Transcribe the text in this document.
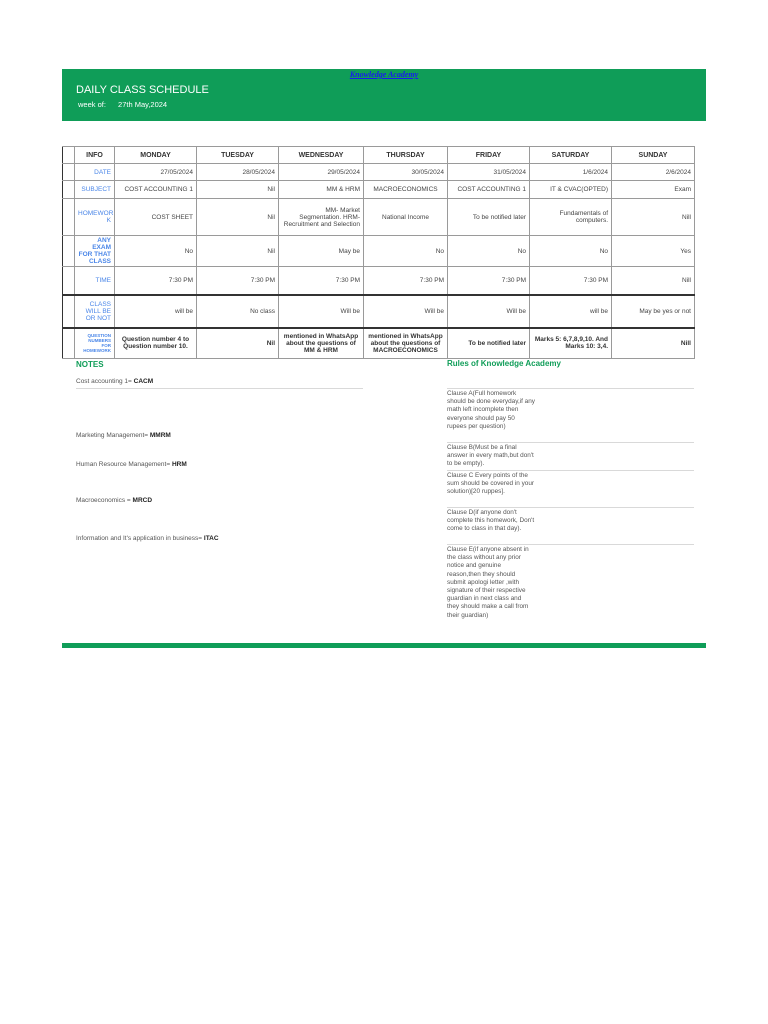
Knowledge Academy
DAILY CLASS SCHEDULE
week of: 27th May,2024
	INFO	MONDAY	TUESDAY	WEDNESDAY	THURSDAY	FRIDAY	SATURDAY	SUNDAY
	DATE	27/05/2024	28/05/2024	29/05/2024	30/05/2024	31/05/2024	1/6/2024	2/6/2024
	SUBJECT	COST ACCOUNTING 1	Nil	MM & HRM	MACROECONOMICS	COST ACCOUNTING 1	IT & CVAC(OPTED)	Exam
	HOMEWOR K	COST SHEET	Nil	MM- Market Segmentation. HRM- Recruitment and Selection	National Income	To be notified later	Fundamentals of computers.	Nill
	ANY EXAM FOR THAT CLASS	No	Nil	May be	No	No	No	Yes
	TIME	7:30 PM	7:30 PM	7:30 PM	7:30 PM	7:30 PM	7:30 PM	Nill
	CLASS WILL BE OR NOT	will be	No class	Will be	Will be	Will be	will be	May be yes or not
	QUESTION NUMBERS FOR HOMEWORK	Question number 4 to Question number 10.	Nil	mentioned in WhatsApp about the questions of MM & HRM	mentioned in WhatsApp about the questions of MACROECONOMICS	To be notified later	Marks 5: 6,7,8,9,10. And Marks 10: 3,4.	Nill
NOTES
Cost accounting 1= CACM
Marketing Management= MMRM
Human Resource Management= HRM
Macroeconomics = MRCD
Information and It's application in business= ITAC
Rules of Knowledge Academy
Clause A(Full homework should be done everyday,if any math left incomplete then everyone should pay 50 rupees per question)
Clause B(Must be a final answer in every math,but don't to be empty).
Clause C Every points of the sum should be covered in your solution)[20 ruppes].
Clause D(if anyone don't complete this homework, Don't come to class in that day).
Clause E(if anyone absent in the class without any prior notice and genuine reason,then they should submit apologi letter ,with signature of their respective guardian in next class and they should make a call from their guardian)
